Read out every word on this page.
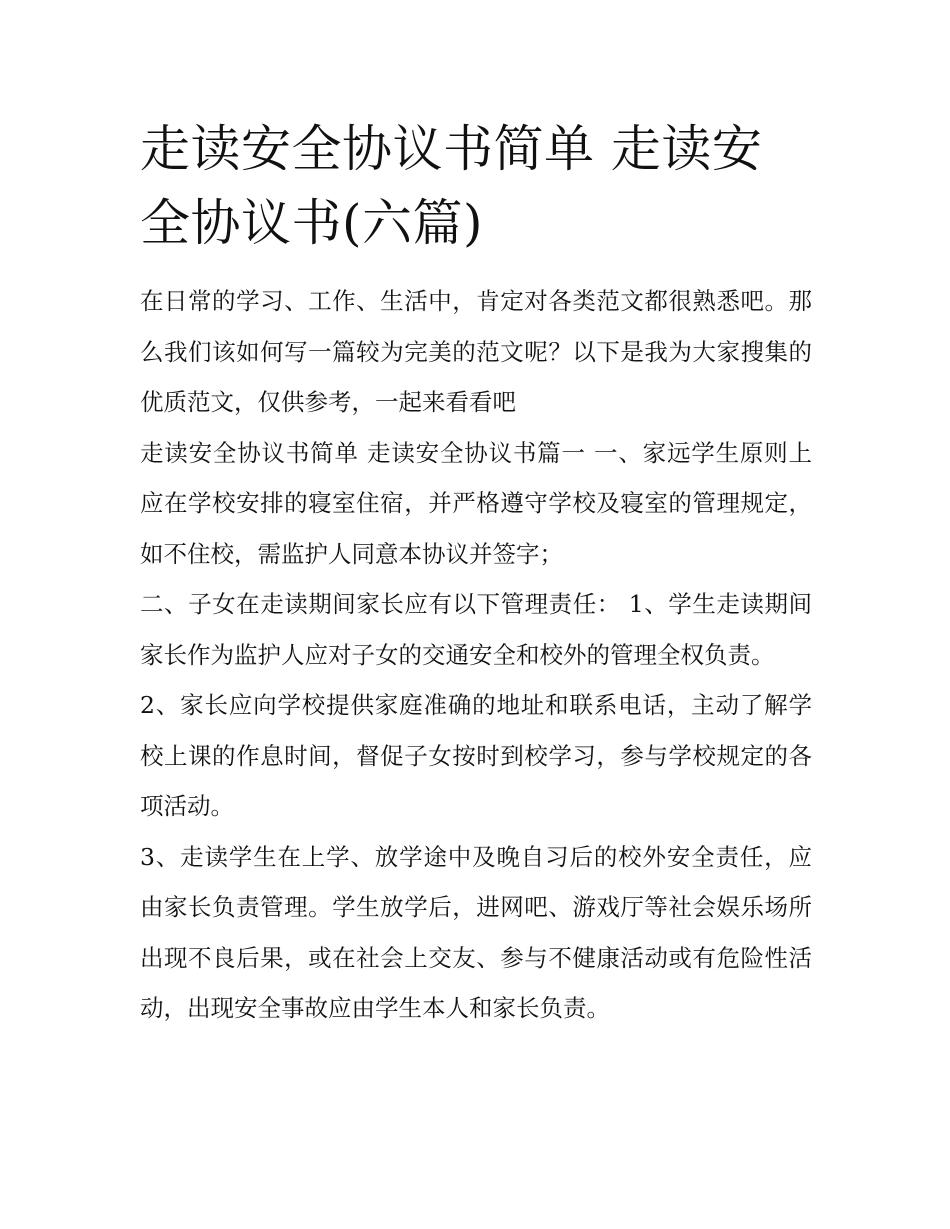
走读安全协议书简单 走读安全协议书(六篇)

在日常的学习、工作、生活中，肯定对各类范文都很熟悉吧。那么我们该如何写一篇较为完美的范文呢？以下是我为大家搜集的优质范文，仅供参考，一起来看看吧

走读安全协议书简单 走读安全协议书篇一 一、家远学生原则上应在学校安排的寝室住宿，并严格遵守学校及寝室的管理规定，如不住校，需监护人同意本协议并签字；

二、子女在走读期间家长应有以下管理责任： 1、学生走读期间家长作为监护人应对子女的交通安全和校外的管理全权负责。

2、家长应向学校提供家庭准确的地址和联系电话，主动了解学校上课的作息时间，督促子女按时到校学习，参与学校规定的各项活动。

3、走读学生在上学、放学途中及晚自习后的校外安全责任，应由家长负责管理。学生放学后，进网吧、游戏厅等社会娱乐场所出现不良后果，或在社会上交友、参与不健康活动或有危险性活动，出现安全事故应由学生本人和家长负责。
